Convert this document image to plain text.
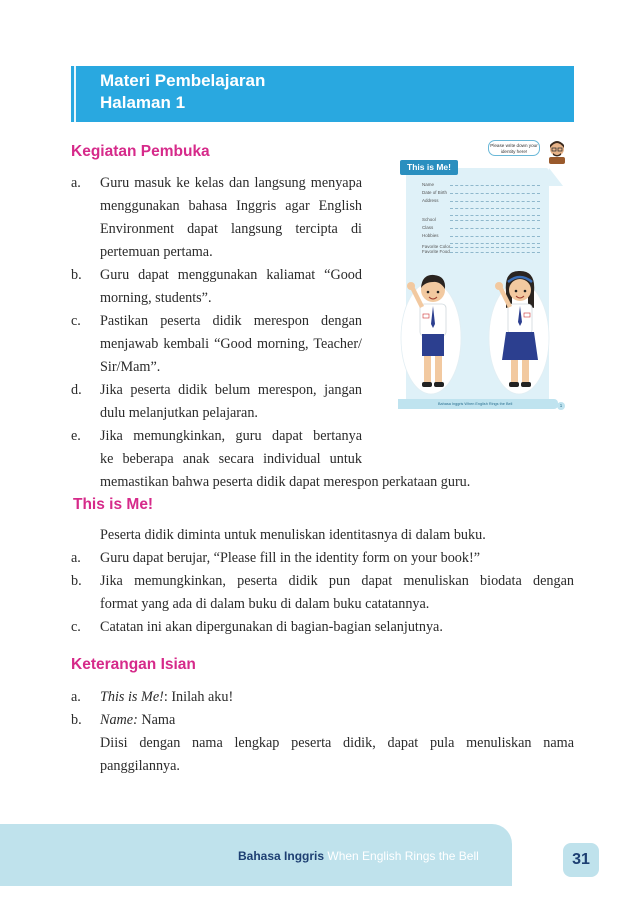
Materi Pembelajaran
Halaman 1
Kegiatan Pembuka
a. Guru masuk ke kelas dan langsung menyapa
menggunakan bahasa Inggris agar English
Environment dapat langsung tercipta di
pertemuan pertama.
b. Guru dapat menggunakan kaliamat “Good
morning, students”.
c. Pastikan peserta didik merespon dengan
menjawab kembali “Good morning, Teacher/
Sir/Mam”.
d. Jika peserta didik belum merespon, jangan
dulu melanjutkan pelajaran.
e. Jika memungkinkan, guru dapat bertanya
ke beberapa anak secara individual untuk
memastikan bahwa peserta didik dapat merespon perkataan guru.
This is Me!
Please write down your identity here!
Name
Date of Birth
Address
School
Class
Hobbies
Favorite Color
Favorite Food
Bahasa Inggris When English Rings the Bell	1
This is Me!
Peserta didik diminta untuk menuliskan identitasnya di dalam buku.
a. Guru dapat berujar, “Please fill in the identity form on your book!”
b. Jika memungkinkan, peserta didik pun dapat menuliskan biodata dengan
format yang ada di dalam buku di dalam buku catatannya.
c. Catatan ini akan dipergunakan di bagian-bagian selanjutnya.
Keterangan Isian
a. This is Me!: Inilah aku!
b. Name: Nama
Diisi dengan nama lengkap peserta didik, dapat pula menuliskan nama
panggilannya.
Bahasa Inggris When English Rings the Bell	31
